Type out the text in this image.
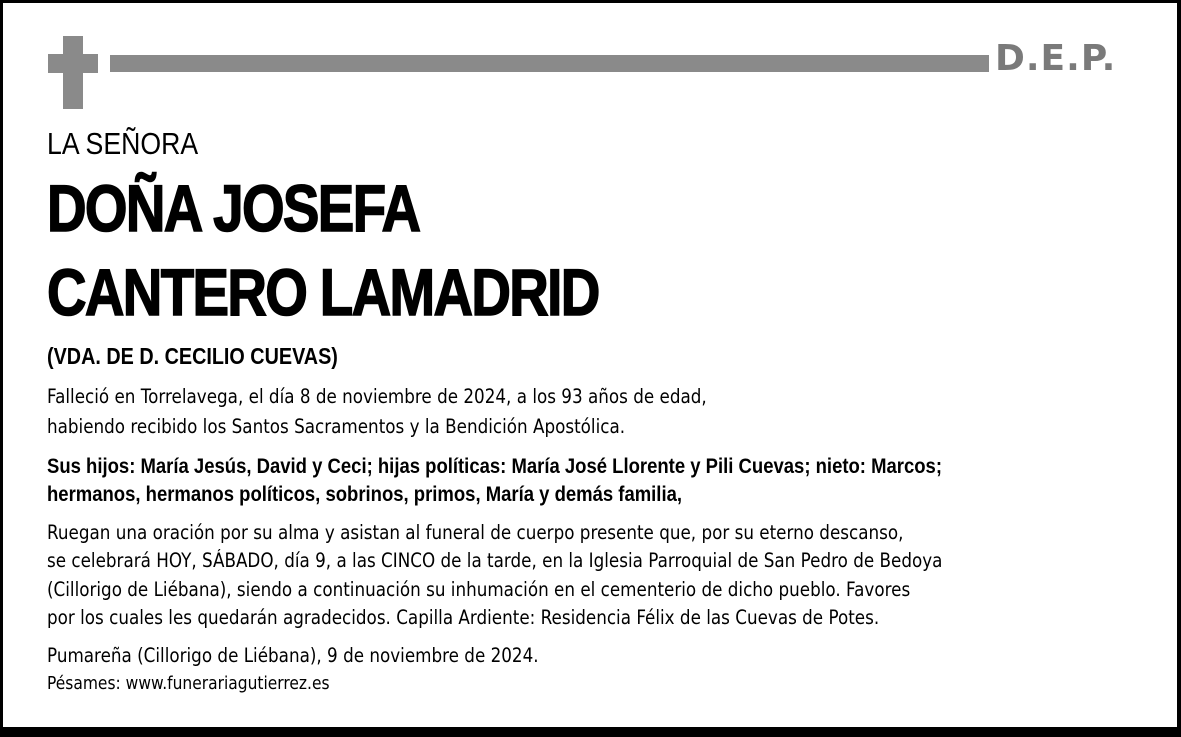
D.E.P.
LA SEÑORA
DOÑA JOSEFA
CANTERO LAMADRID
(VDA. DE D. CECILIO CUEVAS)
Falleció en Torrelavega, el día 8 de noviembre de 2024, a los 93 años de edad,
habiendo recibido los Santos Sacramentos y la Bendición Apostólica.
Sus hijos: María Jesús, David y Ceci; hijas políticas: María José Llorente y Pili Cuevas; nieto: Marcos;
hermanos, hermanos políticos, sobrinos, primos, María y demás familia,
Ruegan una oración por su alma y asistan al funeral de cuerpo presente que, por su eterno descanso,
se celebrará HOY, SÁBADO, día 9, a las CINCO de la tarde, en la Iglesia Parroquial de San Pedro de Bedoya
(Cillorigo de Liébana), siendo a continuación su inhumación en el cementerio de dicho pueblo. Favores
por los cuales les quedarán agradecidos. Capilla Ardiente: Residencia Félix de las Cuevas de Potes.
Pumareña (Cillorigo de Liébana), 9 de noviembre de 2024.
Pésames: www.funerariagutierrez.es
